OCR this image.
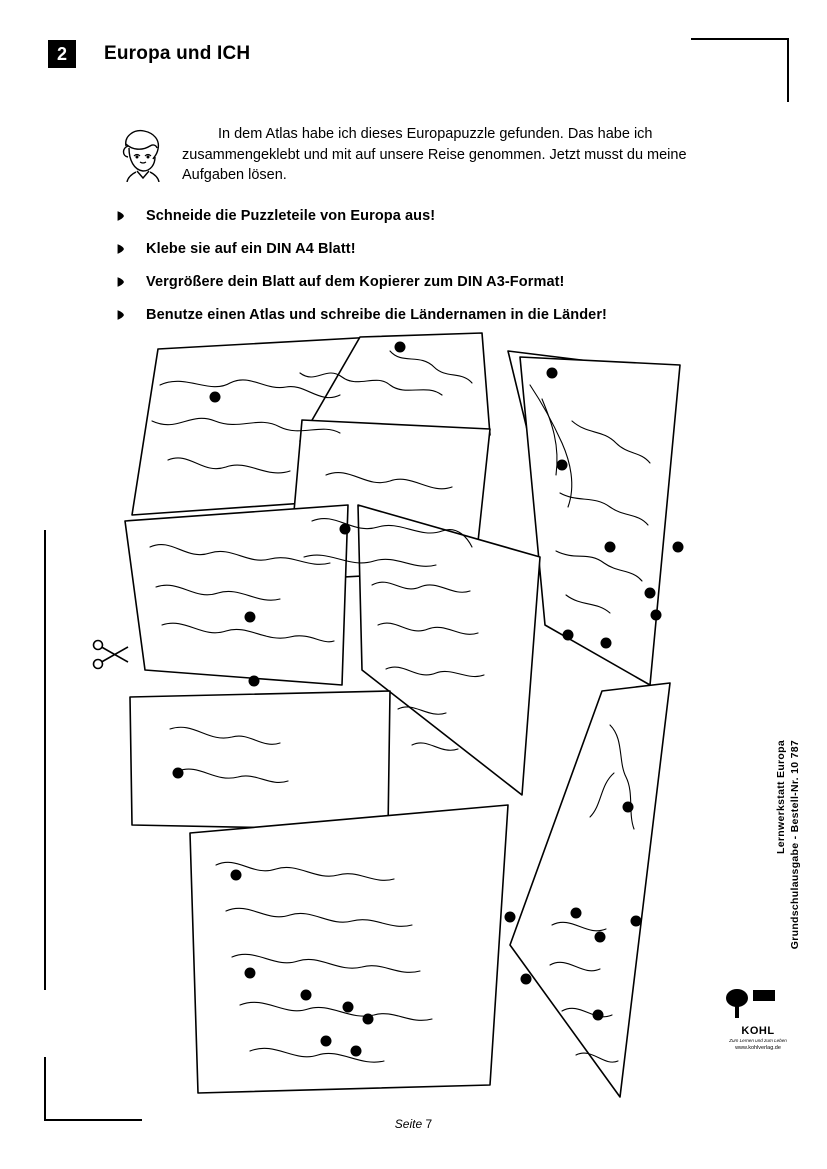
2	Europa und ICH
In dem Atlas habe ich dieses Europapuzzle gefunden. Das habe ich zusammengeklebt und mit auf unsere Reise genommen. Jetzt musst du meine Aufgaben lösen.
Schneide die Puzzleteile von Europa aus!
Klebe sie auf ein DIN A4 Blatt!
Vergrößere dein Blatt auf dem Kopierer zum DIN A3-Format!
Benutze einen Atlas und schreibe die Ländernamen in die Länder!
Lernwerkstatt Europa Grundschulausgabe - Bestell-Nr. 10 787
KOHL
Zum Lernen und zum Leben
www.kohlverlag.de
Seite 7
